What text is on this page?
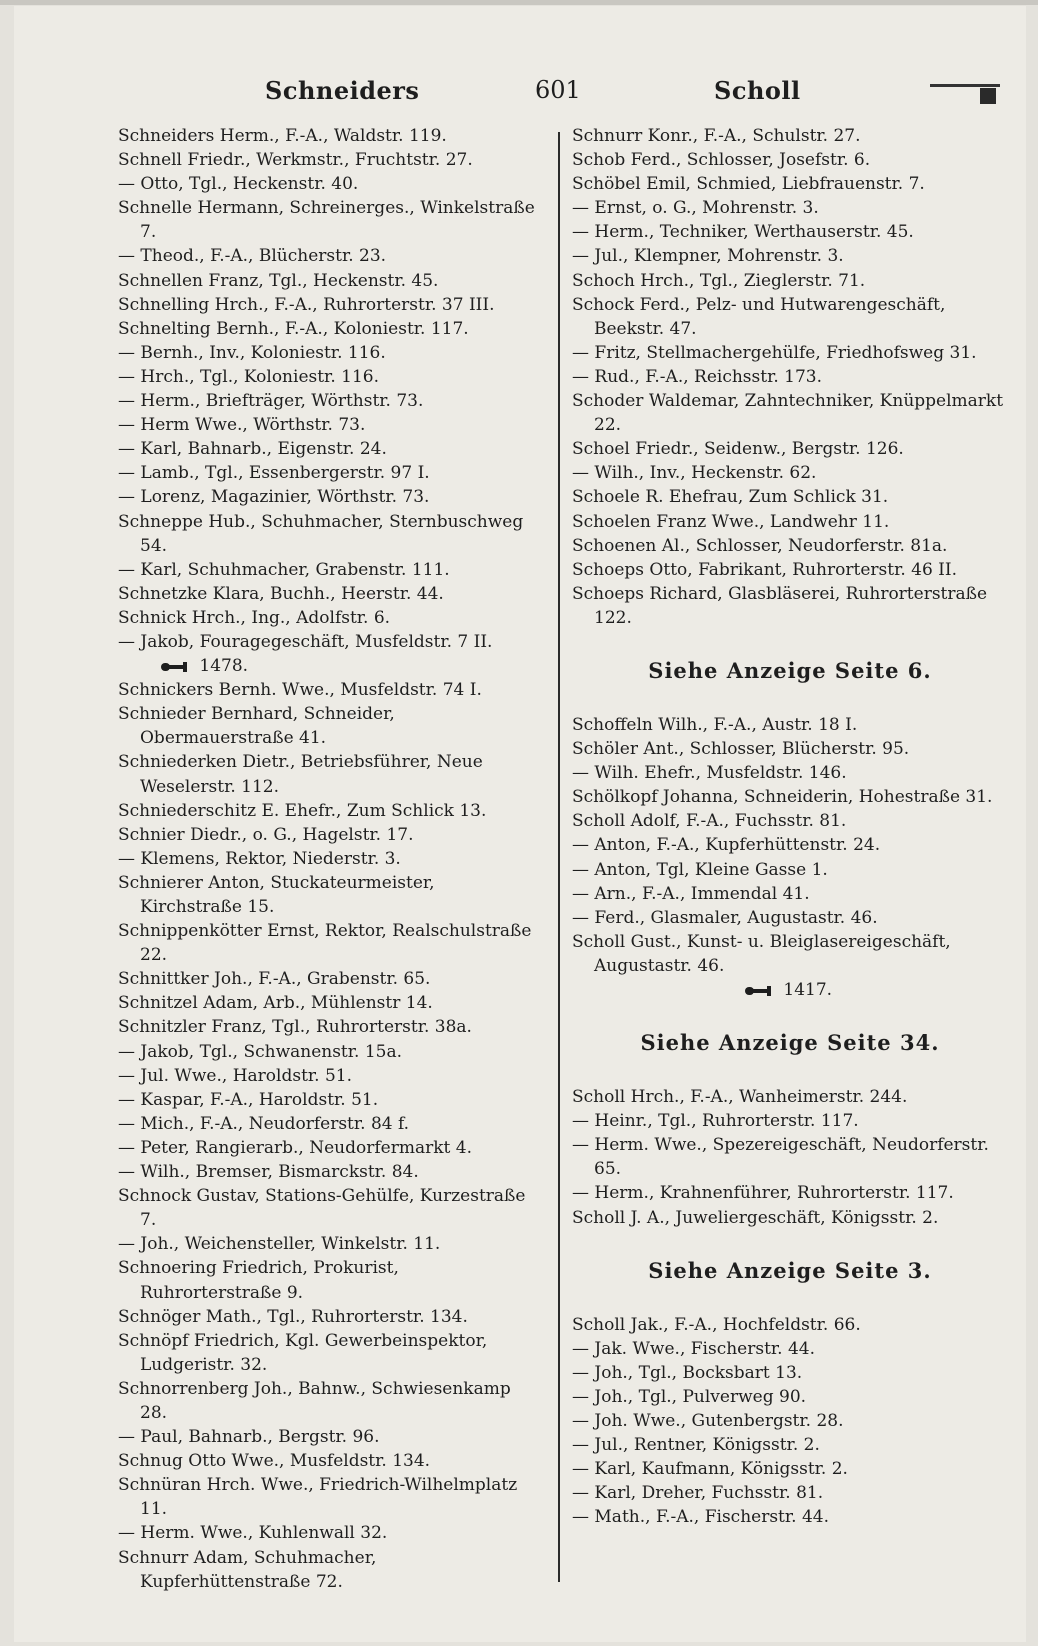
Schneiders	601	Scholl
Schneiders Herm., F.-A., Waldstr. 119.
Schnell Friedr., Werkmstr., Fruchtstr. 27.
— Otto, Tgl., Heckenstr. 40.
Schnelle Hermann, Schreinerges., Winkelstraße 7.
— Theod., F.-A., Blücherstr. 23.
Schnellen Franz, Tgl., Heckenstr. 45.
Schnelling Hrch., F.-A., Ruhrorterstr. 37 III.
Schnelting Bernh., F.-A., Koloniestr. 117.
— Bernh., Inv., Koloniestr. 116.
— Hrch., Tgl., Koloniestr. 116.
— Herm., Briefträger, Wörthstr. 73.
— Herm Wwe., Wörthstr. 73.
— Karl, Bahnarb., Eigenstr. 24.
— Lamb., Tgl., Essenbergerstr. 97 I.
— Lorenz, Magazinier, Wörthstr. 73.
Schneppe Hub., Schuhmacher, Sternbuschweg 54.
— Karl, Schuhmacher, Grabenstr. 111.
Schnetzke Klara, Buchh., Heerstr. 44.
Schnick Hrch., Ing., Adolfstr. 6.
— Jakob, Fouragegeschäft, Musfeldstr. 7 II.
1478.
Schnickers Bernh. Wwe., Musfeldstr. 74 I.
Schnieder Bernhard, Schneider, Obermauerstraße 41.
Schniederken Dietr., Betriebsführer, Neue Weselerstr. 112.
Schniederschitz E. Ehefr., Zum Schlick 13.
Schnier Diedr., o. G., Hagelstr. 17.
— Klemens, Rektor, Niederstr. 3.
Schnierer Anton, Stuckateurmeister, Kirchstraße 15.
Schnippenkötter Ernst, Rektor, Realschulstraße 22.
Schnittker Joh., F.-A., Grabenstr. 65.
Schnitzel Adam, Arb., Mühlenstr 14.
Schnitzler Franz, Tgl., Ruhrorterstr. 38a.
— Jakob, Tgl., Schwanenstr. 15a.
— Jul. Wwe., Haroldstr. 51.
— Kaspar, F.-A., Haroldstr. 51.
— Mich., F.-A., Neudorferstr. 84 f.
— Peter, Rangierarb., Neudorfermarkt 4.
— Wilh., Bremser, Bismarckstr. 84.
Schnock Gustav, Stations-Gehülfe, Kurzestraße 7.
— Joh., Weichensteller, Winkelstr. 11.
Schnoering Friedrich, Prokurist, Ruhrorterstraße 9.
Schnöger Math., Tgl., Ruhrorterstr. 134.
Schnöpf Friedrich, Kgl. Gewerbeinspektor, Ludgeristr. 32.
Schnorrenberg Joh., Bahnw., Schwiesenkamp 28.
— Paul, Bahnarb., Bergstr. 96.
Schnug Otto Wwe., Musfeldstr. 134.
Schnüran Hrch. Wwe., Friedrich-Wilhelmplatz 11.
— Herm. Wwe., Kuhlenwall 32.
Schnurr Adam, Schuhmacher, Kupferhüttenstraße 72.
Schnurr Konr., F.-A., Schulstr. 27.
Schob Ferd., Schlosser, Josefstr. 6.
Schöbel Emil, Schmied, Liebfrauenstr. 7.
— Ernst, o. G., Mohrenstr. 3.
— Herm., Techniker, Werthauserstr. 45.
— Jul., Klempner, Mohrenstr. 3.
Schoch Hrch., Tgl., Zieglerstr. 71.
Schock Ferd., Pelz- und Hutwarengeschäft, Beekstr. 47.
— Fritz, Stellmachergehülfe, Friedhofsweg 31.
— Rud., F.-A., Reichsstr. 173.
Schoder Waldemar, Zahntechniker, Knüppelmarkt 22.
Schoel Friedr., Seidenw., Bergstr. 126.
— Wilh., Inv., Heckenstr. 62.
Schoele R. Ehefrau, Zum Schlick 31.
Schoelen Franz Wwe., Landwehr 11.
Schoenen Al., Schlosser, Neudorferstr. 81a.
Schoeps Otto, Fabrikant, Ruhrorterstr. 46 II.
Schoeps Richard, Glasbläserei, Ruhrorterstraße 122.
Siehe Anzeige Seite 6.
Schoffeln Wilh., F.-A., Austr. 18 I.
Schöler Ant., Schlosser, Blücherstr. 95.
— Wilh. Ehefr., Musfeldstr. 146.
Schölkopf Johanna, Schneiderin, Hohestraße 31.
Scholl Adolf, F.-A., Fuchsstr. 81.
— Anton, F.-A., Kupferhüttenstr. 24.
— Anton, Tgl, Kleine Gasse 1.
— Arn., F.-A., Immendal 41.
— Ferd., Glasmaler, Augustastr. 46.
Scholl Gust., Kunst- u. Bleiglasereigeschäft, Augustastr. 46.
1417.
Siehe Anzeige Seite 34.
Scholl Hrch., F.-A., Wanheimerstr. 244.
— Heinr., Tgl., Ruhrorterstr. 117.
— Herm. Wwe., Spezereigeschäft, Neudorferstr. 65.
— Herm., Krahnenführer, Ruhrorterstr. 117.
Scholl J. A., Juweliergeschäft, Königsstr. 2.
Siehe Anzeige Seite 3.
Scholl Jak., F.-A., Hochfeldstr. 66.
— Jak. Wwe., Fischerstr. 44.
— Joh., Tgl., Bocksbart 13.
— Joh., Tgl., Pulverweg 90.
— Joh. Wwe., Gutenbergstr. 28.
— Jul., Rentner, Königsstr. 2.
— Karl, Kaufmann, Königsstr. 2.
— Karl, Dreher, Fuchsstr. 81.
— Math., F.-A., Fischerstr. 44.
